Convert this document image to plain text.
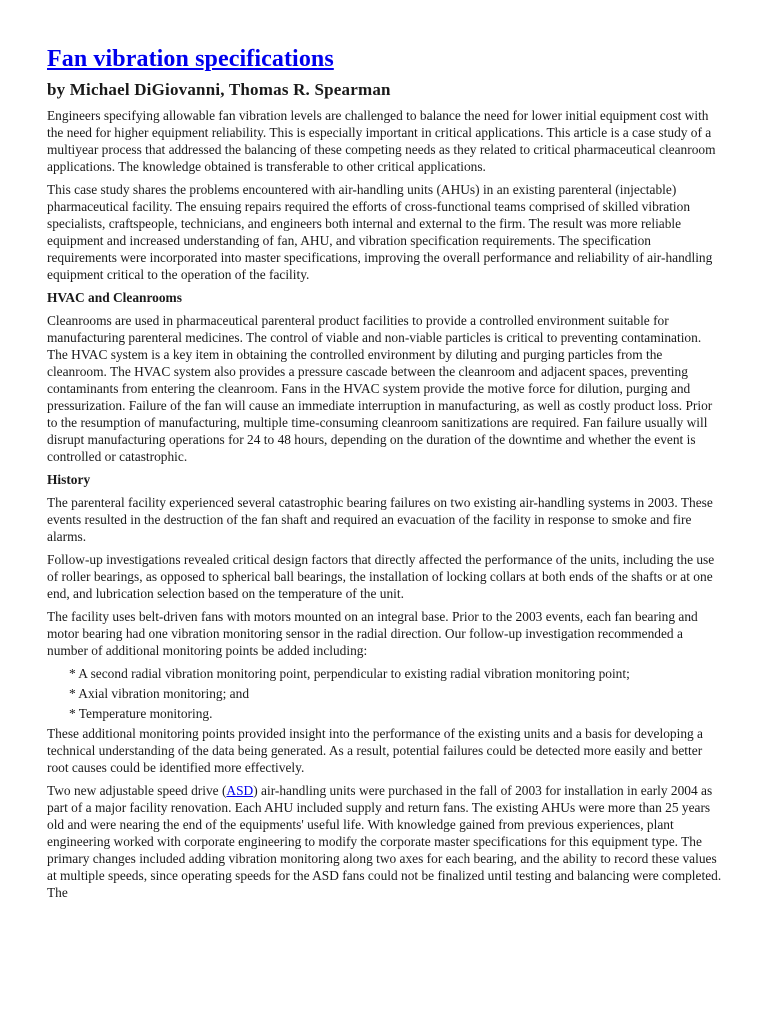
Fan vibration specifications
by Michael DiGiovanni, Thomas R. Spearman

Engineers specifying allowable fan vibration levels are challenged to balance the need for lower initial equipment cost with the need for higher equipment reliability. This is especially important in critical applications. This article is a case study of a multiyear process that addressed the balancing of these competing needs as they related to critical pharmaceutical cleanroom applications. The knowledge obtained is transferable to other critical applications.

This case study shares the problems encountered with air-handling units (AHUs) in an existing parenteral (injectable) pharmaceutical facility. The ensuing repairs required the efforts of cross-functional teams comprised of skilled vibration specialists, craftspeople, technicians, and engineers both internal and external to the firm. The result was more reliable equipment and increased understanding of fan, AHU, and vibration specification requirements. The specification requirements were incorporated into master specifications, improving the overall performance and reliability of air-handling equipment critical to the operation of the facility.

HVAC and Cleanrooms

Cleanrooms are used in pharmaceutical parenteral product facilities to provide a controlled environment suitable for manufacturing parenteral medicines. The control of viable and non-viable particles is critical to preventing contamination. The HVAC system is a key item in obtaining the controlled environment by diluting and purging particles from the cleanroom. The HVAC system also provides a pressure cascade between the cleanroom and adjacent spaces, preventing contaminants from entering the cleanroom. Fans in the HVAC system provide the motive force for dilution, purging and pressurization. Failure of the fan will cause an immediate interruption in manufacturing, as well as costly product loss. Prior to the resumption of manufacturing, multiple time-consuming cleanroom sanitizations are required. Fan failure usually will disrupt manufacturing operations for 24 to 48 hours, depending on the duration of the downtime and whether the event is controlled or catastrophic.

History

The parenteral facility experienced several catastrophic bearing failures on two existing air-handling systems in 2003. These events resulted in the destruction of the fan shaft and required an evacuation of the facility in response to smoke and fire alarms.

Follow-up investigations revealed critical design factors that directly affected the performance of the units, including the use of roller bearings, as opposed to spherical ball bearings, the installation of locking collars at both ends of the shafts or at one end, and lubrication selection based on the temperature of the unit.

The facility uses belt-driven fans with motors mounted on an integral base. Prior to the 2003 events, each fan bearing and motor bearing had one vibration monitoring sensor in the radial direction. Our follow-up investigation recommended a number of additional monitoring points be added including:

* A second radial vibration monitoring point, perpendicular to existing radial vibration monitoring point;
* Axial vibration monitoring; and
* Temperature monitoring.

These additional monitoring points provided insight into the performance of the existing units and a basis for developing a technical understanding of the data being generated. As a result, potential failures could be detected more easily and better root causes could be identified more effectively.

Two new adjustable speed drive (ASD) air-handling units were purchased in the fall of 2003 for installation in early 2004 as part of a major facility renovation. Each AHU included supply and return fans. The existing AHUs were more than 25 years old and were nearing the end of the equipments' useful life. With knowledge gained from previous experiences, plant engineering worked with corporate engineering to modify the corporate master specifications for this equipment type. The primary changes included adding vibration monitoring along two axes for each bearing, and the ability to record these values at multiple speeds, since operating speeds for the ASD fans could not be finalized until testing and balancing were completed. The
